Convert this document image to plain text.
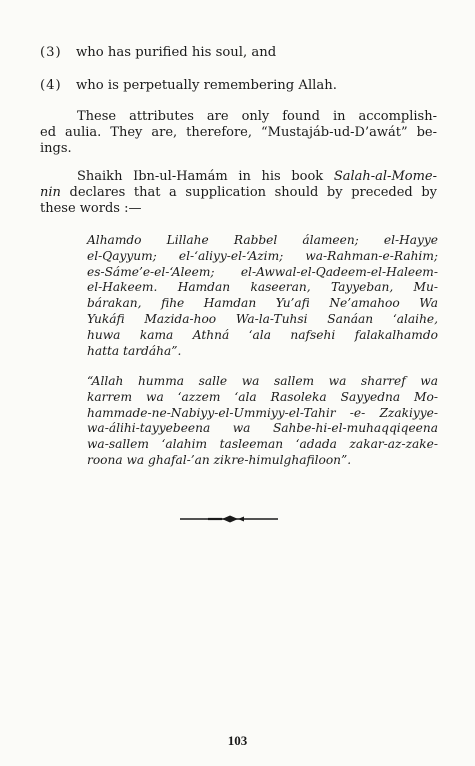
(3) who has purified his soul, and
(4) who is perpetually remembering Allah.
These attributes are only found in accomplish-
ed aulia. They are, therefore, “Mustajáb-ud-D’awát” be-
ings.
Shaikh Ibn-ul-Hamám in his book Salah-al-Mome-
nin declares that a supplication should by preceded by
these words :—
Alhamdo Lillahe Rabbel álameen; el-Hayye
el-Qayyum; el-‘aliyy-el-‘Azim; wa-Rahman-e-Rahim;
es-Sáme’e-el-‘Aleem; el-Awwal-el-Qadeem-el-Haleem-
el-Hakeem. Hamdan kaseeran, Tayyeban, Mu-
bárakan, fihe Hamdan Yu’afi Ne’amahoo Wa
Yukáfi Mazida-hoo Wa-la-Tuhsi Sanáan ‘alaihe,
huwa kama Athná ‘ala nafsehi falakalhamdo
hatta tardáha”.
“Allah humma salle wa sallem wa sharref wa
karrem wa ‘azzem ‘ala Rasoleka Sayyedna Mo-
hammade-ne-Nabiyy-el-Ummiyy-el-Tahir -e- Zzakiyye-
wa-álihi-tayyebeena wa Sahbe-hi-el-muhaqqiqeena
wa-sallem ‘alahim tasleeman ‘adada zakar-az-zake-
roona wa ghafal-’an zikre-himulghafiloon”.
103
